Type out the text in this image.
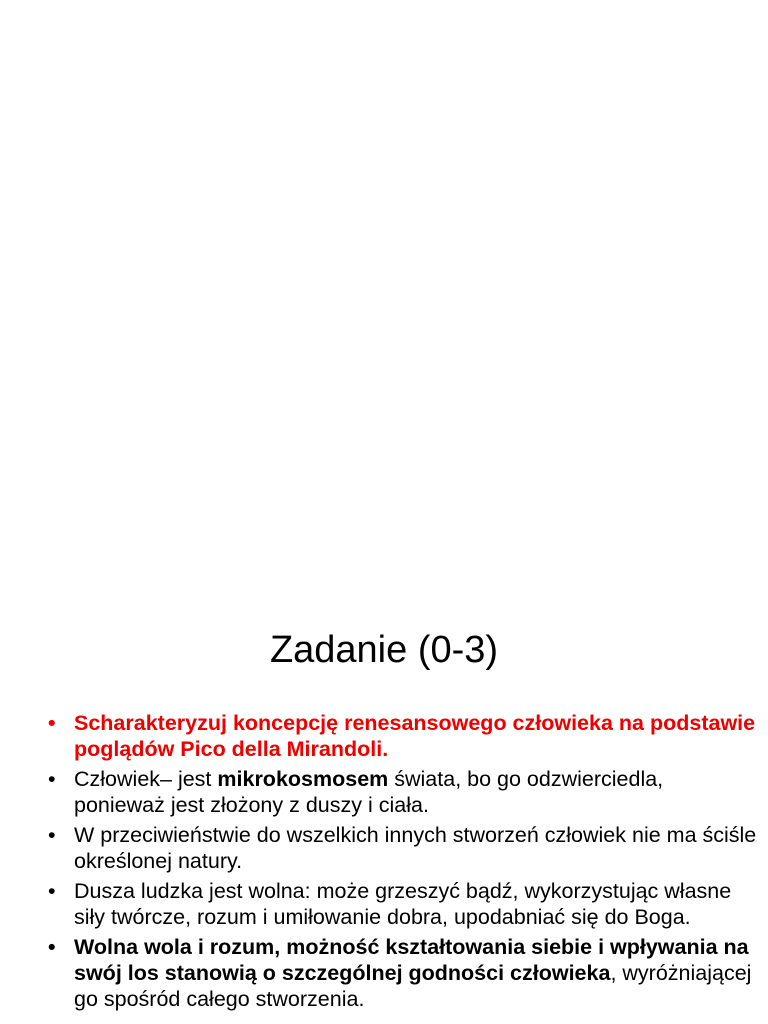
Zadanie (0-3)
• Scharakteryzuj koncepcję renesansowego człowieka na podstawie poglądów Pico della Mirandoli.
• Człowiek– jest mikrokosmosem świata, bo go odzwierciedla, ponieważ jest złożony z duszy i ciała.
• W przeciwieństwie do wszelkich innych stworzeń człowiek nie ma ściśle określonej natury.
• Dusza ludzka jest wolna: może grzeszyć bądź, wykorzystując własne siły twórcze, rozum i umiłowanie dobra, upodabniać się do Boga.
• Wolna wola i rozum, możność kształtowania siebie i wpływania na swój los stanowią o szczególnej godności człowieka, wyróżniającej go spośród całego stworzenia.
